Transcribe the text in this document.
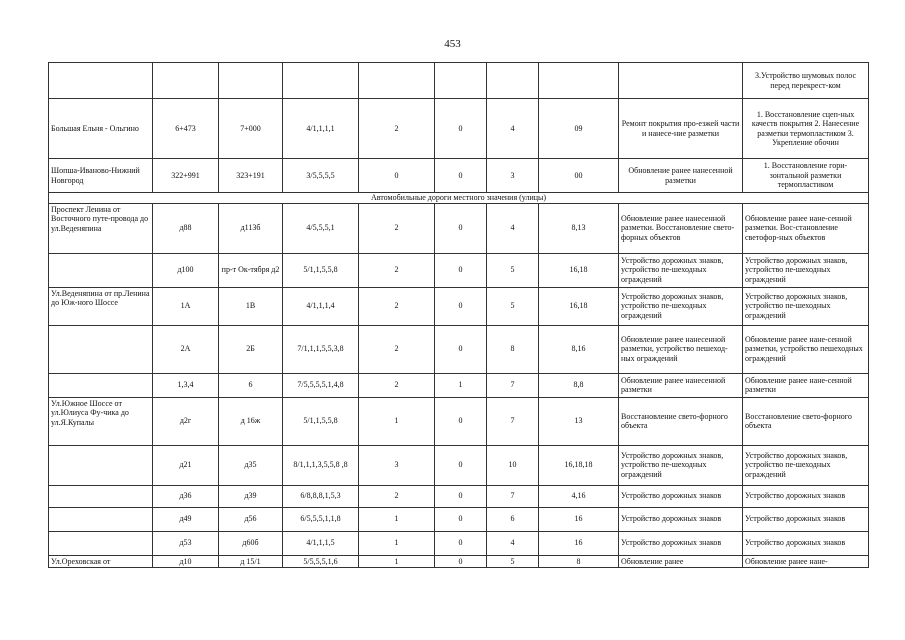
453
									3.Устройство шумовых полос перед перекрест-ком
Большая Ельня - Ольгино	6+473	7+000	4/1,1,1,1	2	0	4	09	Ремонт покрытия про-езжей части и нанесе-ние разметки	1. Восстановление сцеп-ных качеств покрытия 2. Нанесение разметки термопластиком 3. Укрепление обочин
Шопша-Иваново-Нижний Новгород	322+991	323+191	3/5,5,5,5	0	0	3	00	Обновление ранее нанесенной разметки	1. Восстановление гори-зонтальной разметки термопластиком
Автомобильные дороги местного значения (улицы)									
Проспект Ленина от Восточного путе-провода до ул.Веденяпина	д88	д113б	4/5,5,5,1	2	0	4	8,13	Обновление ранее нанесенной разметки. Восстановление свето-форных объектов	Обновление ранее нане-сенной разметки. Вос-становление светофор-ных объектов
	д100	пр-т Ок-тября д2	5/1,1,5,5,8	2	0	5	16,18	Устройство дорожных знаков, устройство пе-шеходных ограждений	Устройство дорожных знаков, устройство пе-шеходных ограждений
Ул.Веденяпина от пр.Ленина до Юж-ного Шоссе	1А	1В	4/1,1,1,4	2	0	5	16,18	Устройство дорожных знаков, устройство пе-шеходных ограждений	Устройство дорожных знаков, устройство пе-шеходных ограждений
	2А	2Б	7/1,1,1,5,5,3,8	2	0	8	8,16	Обновление ранее нанесенной разметки, устройство пешеход-ных ограждений	Обновление ранее нане-сенной разметки, устройство пешеходных ограждений
	1,3,4	6	7/5,5,5,5,1,4,8	2	1	7	8,8	Обновление ранее нанесенной разметки	Обновление ранее нане-сенной разметки
Ул.Южное Шоссе от ул.Юлиуса Фу-чика до ул.Я.Купалы	д2г	д 16ж	5/1,1,5,5,8	1	0	7	13	Восстановление свето-форного объекта	Восстановление свето-форного объекта
	д21	д35	8/1,1,1,3,5,5,8 ,8	3	0	10	16,18,18	Устройство дорожных знаков, устройство пе-шеходных ограждений	Устройство дорожных знаков, устройство пе-шеходных ограждений
	д36	д39	6/8,8,8,1,5,3	2	0	7	4,16	Устройство дорожных знаков	Устройство дорожных знаков
	д49	д56	6/5,5,5,1,1,8	1	0	6	16	Устройство дорожных знаков	Устройство дорожных знаков
	д53	д60б	4/1,1,1,5	1	0	4	16	Устройство дорожных знаков	Устройство дорожных знаков
Ул.Ореховская от	д10	д 15/1	5/5,5,5,1,6	1	0	5	8	Обновление ранее	Обновление ранее нане-
